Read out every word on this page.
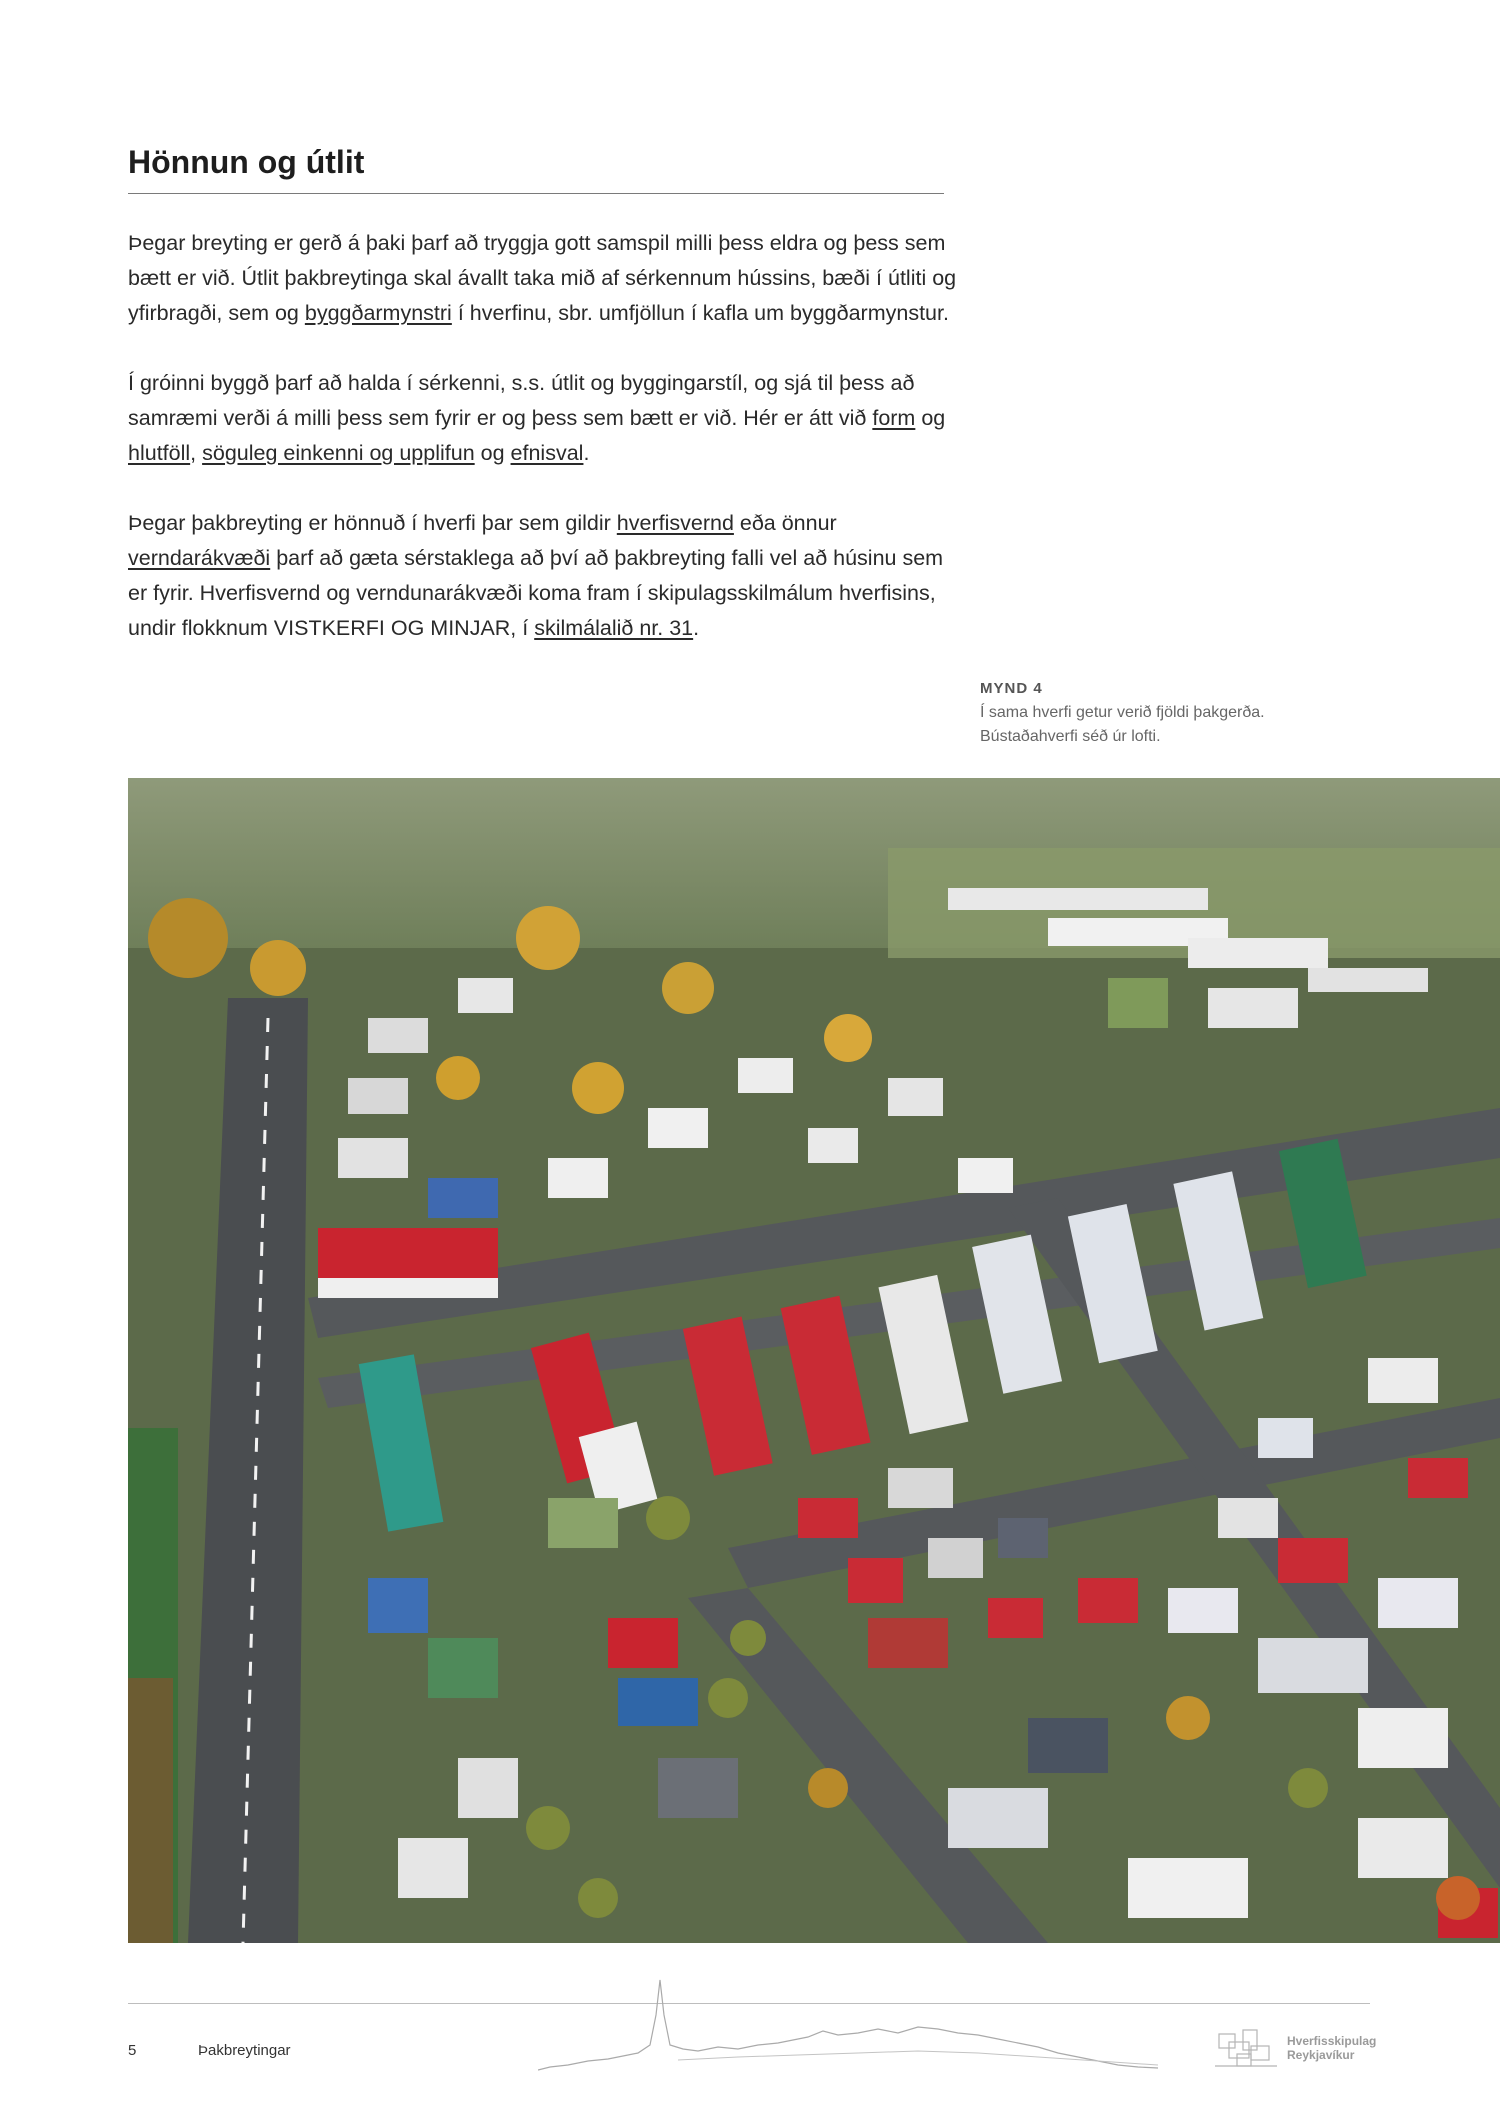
Hönnun og útlit

Þegar breyting er gerð á þaki þarf að tryggja gott samspil milli þess eldra og þess sem bætt er við. Útlit þakbreytinga skal ávallt taka mið af sérkennum hússins, bæði í útliti og yfirbragði, sem og byggðarmynstri í hverfinu, sbr. umfjöllun í kafla um byggðarmynstur.

Í gróinni byggð þarf að halda í sérkenni, s.s. útlit og byggingarstíl, og sjá til þess að samræmi verði á milli þess sem fyrir er og þess sem bætt er við. Hér er átt við form og hlutföll, söguleg einkenni og upplifun og efnisval.

Þegar þakbreyting er hönnuð í hverfi þar sem gildir hverfisvernd eða önnur verndarákvæði þarf að gæta sérstaklega að því að þakbreyting falli vel að húsinu sem er fyrir. Hverfisvernd og verndunarákvæði koma fram í skipulagsskilmálum hverfisins, undir flokknum VISTKERFI OG MINJAR, í skilmálalið nr. 31.

MYND 4
Í sama hverfi getur verið fjöldi þakgerða.
Bústaðahverfi séð úr lofti.
Hverfisskipulag
Reykjavíkur
5	Þakbreytingar
